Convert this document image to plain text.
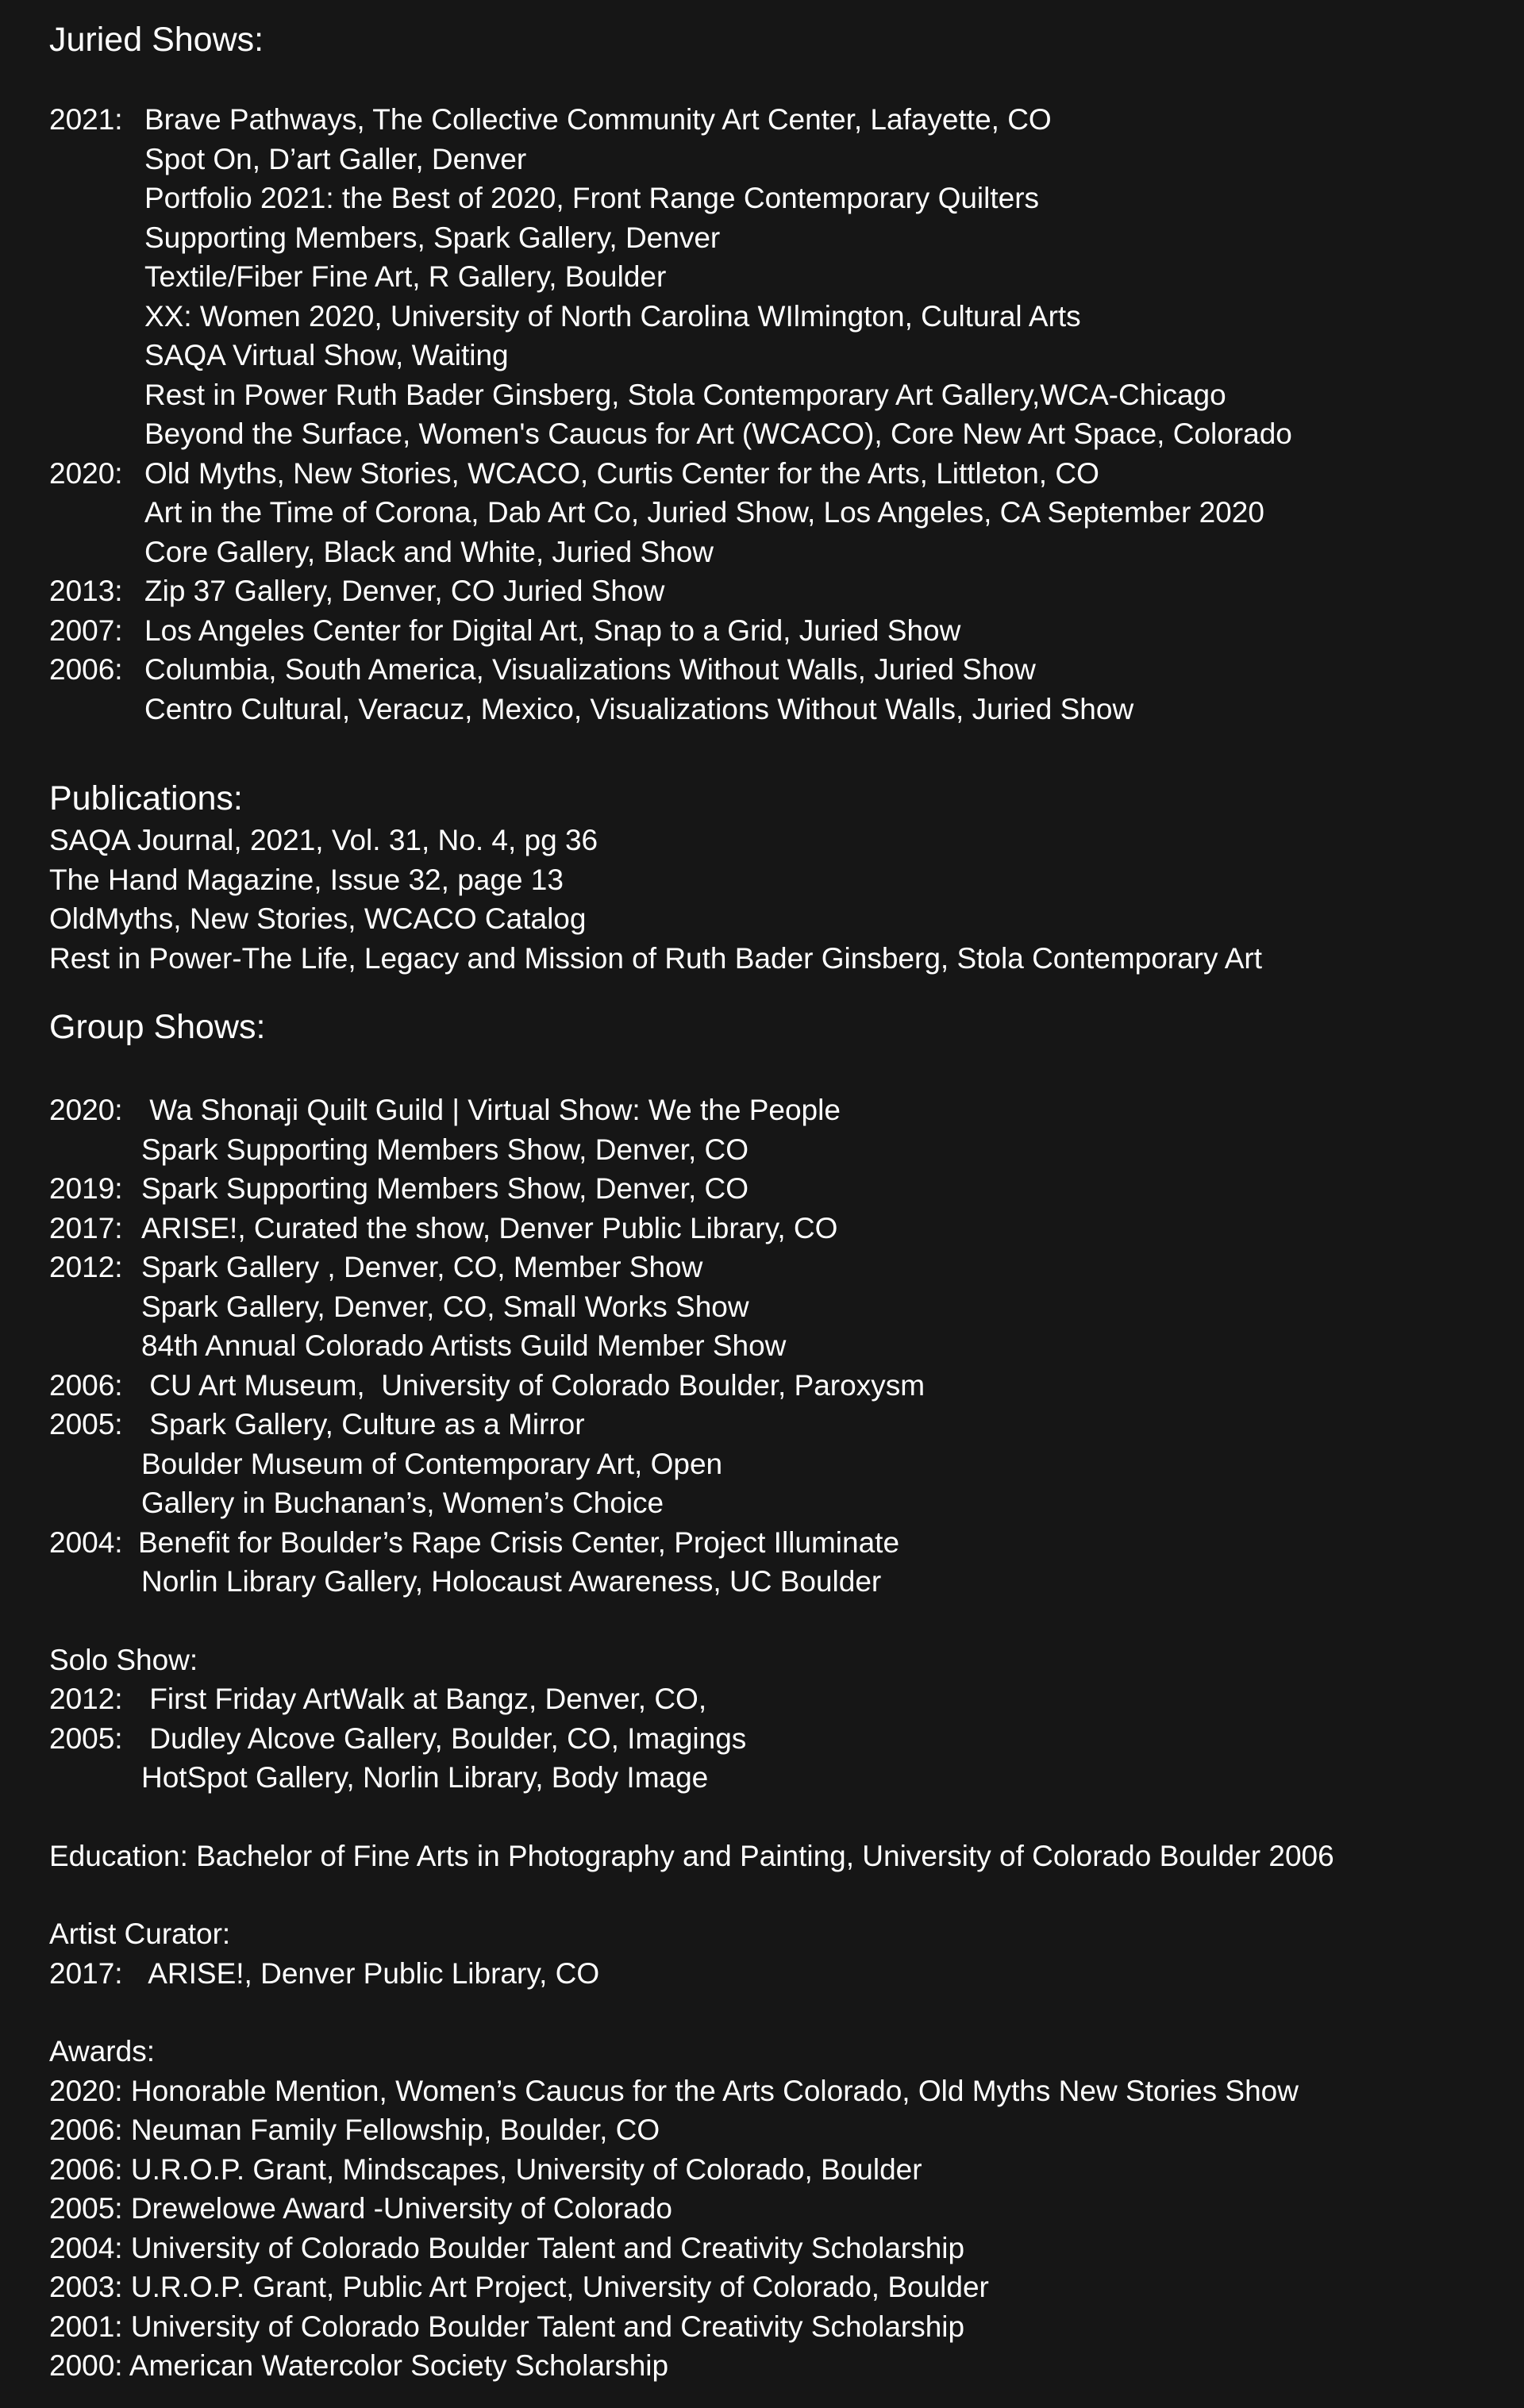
Juried Shows:
2021: Brave Pathways, The Collective Community Art Center, Lafayette, CO
Spot On, D’art Galler, Denver
Portfolio 2021: the Best of 2020, Front Range Contemporary Quilters
Supporting Members, Spark Gallery, Denver
Textile/Fiber Fine Art, R Gallery, Boulder
XX: Women 2020, University of North Carolina WIlmington, Cultural Arts
SAQA Virtual Show, Waiting
Rest in Power Ruth Bader Ginsberg, Stola Contemporary Art Gallery,WCA-Chicago
Beyond the Surface, Women's Caucus for Art (WCACO), Core New Art Space, Colorado
2020: Old Myths, New Stories, WCACO, Curtis Center for the Arts, Littleton, CO
Art in the Time of Corona, Dab Art Co, Juried Show, Los Angeles, CA September 2020
Core Gallery, Black and White, Juried Show
2013: Zip 37 Gallery, Denver, CO Juried Show
2007: Los Angeles Center for Digital Art, Snap to a Grid, Juried Show
2006: Columbia, South America, Visualizations Without Walls, Juried Show
Centro Cultural, Veracuz, Mexico, Visualizations Without Walls, Juried Show
Publications:
SAQA Journal, 2021, Vol. 31, No. 4, pg 36
The Hand Magazine, Issue 32, page 13
OldMyths, New Stories, WCACO Catalog
Rest in Power-The Life, Legacy and Mission of Ruth Bader Ginsberg, Stola Contemporary Art
Group Shows:
2020: Wa Shonaji Quilt Guild | Virtual Show: We the People
Spark Supporting Members Show, Denver, CO
2019: Spark Supporting Members Show, Denver, CO
2017: ARISE!, Curated the show, Denver Public Library, CO
2012: Spark Gallery , Denver, CO, Member Show
Spark Gallery, Denver, CO, Small Works Show
84th Annual Colorado Artists Guild Member Show
2006: CU Art Museum,  University of Colorado Boulder, Paroxysm
2005: Spark Gallery, Culture as a Mirror
Boulder Museum of Contemporary Art, Open
Gallery in Buchanan’s, Women’s Choice
2004: Benefit for Boulder’s Rape Crisis Center, Project Illuminate
Norlin Library Gallery, Holocaust Awareness, UC Boulder
Solo Show:
2012: First Friday ArtWalk at Bangz, Denver, CO,
2005: Dudley Alcove Gallery, Boulder, CO, Imagings
HotSpot Gallery, Norlin Library, Body Image
Education: Bachelor of Fine Arts in Photography and Painting, University of Colorado Boulder 2006
Artist Curator:
2017: ARISE!, Denver Public Library, CO
Awards:
2020: Honorable Mention, Women’s Caucus for the Arts Colorado, Old Myths New Stories Show
2006: Neuman Family Fellowship, Boulder, CO
2006: U.R.O.P. Grant, Mindscapes, University of Colorado, Boulder
2005: Drewelowe Award -University of Colorado
2004: University of Colorado Boulder Talent and Creativity Scholarship
2003: U.R.O.P. Grant, Public Art Project, University of Colorado, Boulder
2001: University of Colorado Boulder Talent and Creativity Scholarship
2000: American Watercolor Society Scholarship
